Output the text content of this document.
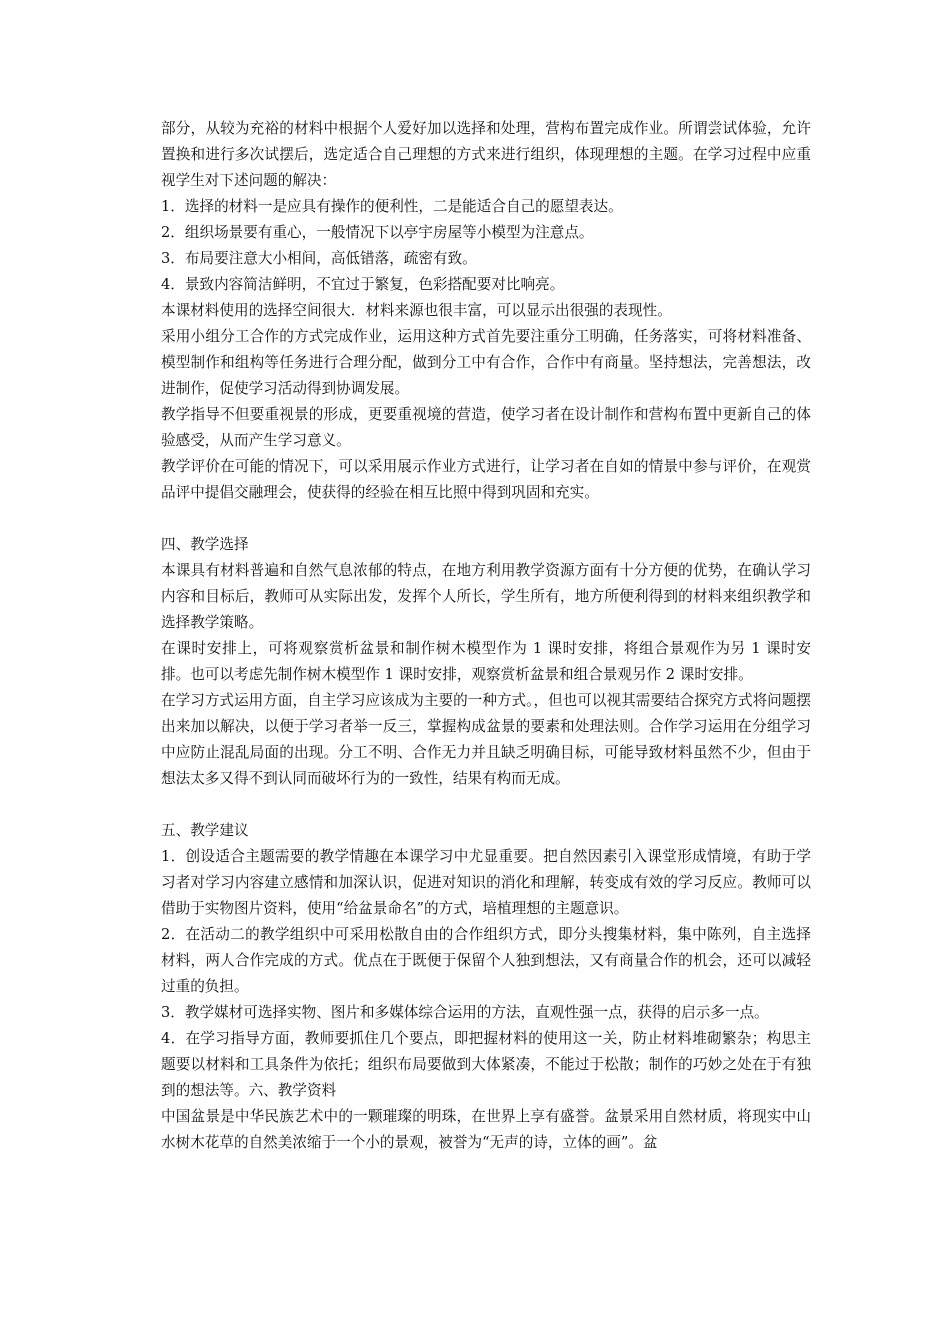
部分，从较为充裕的材料中根据个人爱好加以选择和处理，营构布置完成作业。所谓尝试体验，允许置换和进行多次试摆后，选定适合自己理想的方式来进行组织，体现理想的主题。在学习过程中应重视学生对下述问题的解决：

1．选择的材料一是应具有操作的便利性，二是能适合自己的愿望表达。

2．组织场景要有重心，一般情况下以亭宇房屋等小模型为注意点。

3．布局要注意大小相间，高低错落，疏密有致。

4．景致内容简洁鲜明，不宜过于繁复，色彩搭配要对比响亮。

本课材料使用的选择空间很大．材料来源也很丰富，可以显示出很强的表现性。

采用小组分工合作的方式完成作业，运用这种方式首先要注重分工明确，任务落实，可将材料准备、模型制作和组构等任务进行合理分配，做到分工中有合作，合作中有商量。坚持想法，完善想法，改进制作，促使学习活动得到协调发展。

教学指导不但要重视景的形成，更要重视境的营造，使学习者在设计制作和营构布置中更新自己的体验感受，从而产生学习意义。

教学评价在可能的情况下，可以采用展示作业方式进行，让学习者在自如的情景中参与评价，在观赏品评中提倡交融理会，使获得的经验在相互比照中得到巩固和充实。

四、教学选择

本课具有材料普遍和自然气息浓郁的特点，在地方利用教学资源方面有十分方便的优势，在确认学习内容和目标后，教师可从实际出发，发挥个人所长，学生所有，地方所便利得到的材料来组织教学和选择教学策略。

在课时安排上，可将观察赏析盆景和制作树木模型作为 1 课时安排，将组合景观作为另 1 课时安排。也可以考虑先制作树木模型作 1 课时安排，观察赏析盆景和组合景观另作 2 课时安排。

在学习方式运用方面，自主学习应该成为主要的一种方式。，但也可以视其需要结合探究方式将问题摆出来加以解决，以便于学习者举一反三，掌握构成盆景的要素和处理法则。合作学习运用在分组学习中应防止混乱局面的出现。分工不明、合作无力并且缺乏明确目标，可能导致材料虽然不少，但由于想法太多又得不到认同而破坏行为的一致性，结果有构而无成。

五、教学建议

1．创设适合主题需要的教学情趣在本课学习中尤显重要。把自然因素引入课堂形成情境，有助于学习者对学习内容建立感情和加深认识，促进对知识的消化和理解，转变成有效的学习反应。教师可以借助于实物图片资料，使用“给盆景命名”的方式，培植理想的主题意识。

2．在活动二的教学组织中可采用松散自由的合作组织方式，即分头搜集材料，集中陈列，自主选择材料，两人合作完成的方式。优点在于既便于保留个人独到想法，又有商量合作的机会，还可以减轻过重的负担。

3．教学媒材可选择实物、图片和多媒体综合运用的方法，直观性强一点，获得的启示多一点。

4．在学习指导方面，教师要抓住几个要点，即把握材料的使用这一关，防止材料堆砌繁杂；构思主题要以材料和工具条件为依托；组织布局要做到大体紧凑，不能过于松散；制作的巧妙之处在于有独到的想法等。六、教学资料

中国盆景是中华民族艺术中的一颗璀璨的明珠，在世界上享有盛誉。盆景采用自然材质，将现实中山水树木花草的自然美浓缩于一个小的景观，被誉为“无声的诗，立体的画”。盆
